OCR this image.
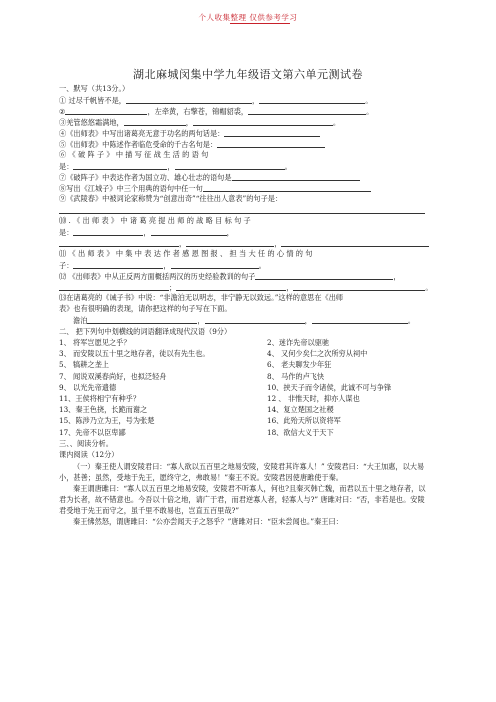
个人收集整理 仅供参考学习
湖北麻城闵集中学九年级语文第六单元测试卷
一、默写（共13分。）
① 过尽千帆皆不是，	，	。
②	，左牵黄，右擎苍，锦帽貂裘，	。
③羌管悠悠霜满地，	，	。
④《出师表》中写出诸葛亮无意于功名的两句话是：
⑤《出师表》中陈述作者临危受命的千古名句是：
⑥ 《 破 阵 子 》 中 描 写 征 战 生 活 的 语 句
是：	，	。
⑦《破阵子》中表达作者为国立功、雄心壮志的语句是
⑧写出《江城子》中三个用典的语句中任一句
⑨《武陵春》中被词论家称赞为“创意出奇”“往往出人意表”的句子是：
⑽ . 《 出 师 表 》 中 诸 葛 亮 提 出 师 的 战 略 目 标 句 子
是：	，	，
，	，
⑾ 《 出 师 表 》 中 集 中 表 达 作 者 感 恩 图 报 、 担 当 大 任 的 心 情 的 句
子：	，	。
⑿ 《出师表》中从正反两方面概括两汉的历史经验教训的句子	，
；	，	。
⒀在诸葛亮的《诫子书》中说：“非澹泊无以明志，非宁静无以致远。”这样的意思在《出师
表》也有很明确的表现，请你把这样的句子写在下面。
澹泊	，	，	。
二、 把下列句中划横线的词语翻译成现代汉语（9分）
1、 将军岂愿见之乎？	2、迷诈先帝以驱驰
3、 而安陵以五十里之地存者，徒以有先生也。	4、 又何少矣仁之次所穷从祠中
5、 犒耕之垄上	6、 老夫聊发少年狂
7、 闻说双溪春尚好，也拟泛轻舟	8、 马作的卢飞快
9、 以光先帝遗德	10、挟天子而令诸侯，此诚不可与争锋
11、王侯将相宁有种乎？	12 、 非惟天时，抑亦人谋也
13、秦王色挠，长跪而谢之	14、复立楚国之社稷
15、陈涉乃立为王，号为张楚	16、此殆天所以资将军
17、先帝不以臣卑鄙	18、欲信大义于天下
三、、阅读分析。
课内阅读（12分）
（一）秦王使人谓安陵君曰：“寡人欲以五百里之地易安陵，安陵君其许寡人！” 安陵君曰：“大王加惠，以大易小，甚善；虽然，受地于先王，愿终守之，弗敢易！”秦王不说。安陵君因使唐雎使于秦。
秦王谓唐雎曰：“寡人以五百里之地易安陵，安陵君不听寡人，何也?且秦灭韩亡魏，而君以五十里之地存者，以君为长者，故不错意也。今吾以十倍之地，请广于君，而君逆寡人者，轻寡人与?” 唐雎对曰：“否，非若是也。安陵君受地于先王而守之，虽千里不敢易也，岂直五百里哉?”
秦王怫然怒，谓唐雎曰：“公亦尝闻天子之怒乎？”唐雎对曰：“臣未尝闻也。”秦王曰：
